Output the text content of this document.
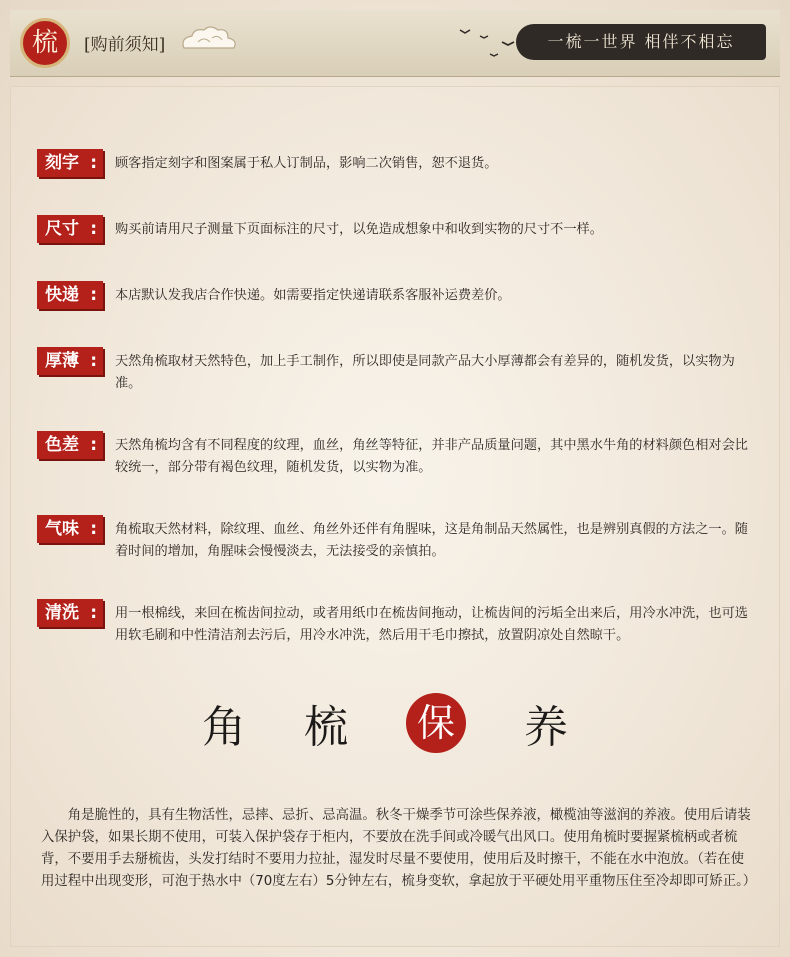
梳	[购前须知]	一梳一世界 相伴不相忘
刻字 : 顾客指定刻字和图案属于私人订制品，影响二次销售，恕不退货。
尺寸 : 购买前请用尺子测量下页面标注的尺寸，以免造成想象中和收到实物的尺寸不一样。
快递 : 本店默认发我店合作快递。如需要指定快递请联系客服补运费差价。
厚薄 : 天然角梳取材天然特色，加上手工制作，所以即使是同款产品大小厚薄都会有差异的，随机发货，以实物为准。
色差 : 天然角梳均含有不同程度的纹理，血丝，角丝等特征，并非产品质量问题，其中黑水牛角的材料颜色相对会比较统一，部分带有褐色纹理，随机发货，以实物为准。
气味 : 角梳取天然材料，除纹理、血丝、角丝外还伴有角腥味，这是角制品天然属性，也是辨别真假的方法之一。随着时间的增加，角腥味会慢慢淡去，无法接受的亲慎拍。
清洗 : 用一根棉线，来回在梳齿间拉动，或者用纸巾在梳齿间拖动，让梳齿间的污垢全出来后，用冷水冲洗，也可选用软毛刷和中性清洁剂去污后，用冷水冲洗，然后用干毛巾擦拭，放置阴凉处自然晾干。
角 梳 保 养
角是脆性的，具有生物活性，忌摔、忌折、忌高温。秋冬干燥季节可涂些保养液，橄榄油等滋润的养液。使用后请装入保护袋，如果长期不使用，可装入保护袋存于柜内，不要放在洗手间或冷暖气出风口。使用角梳时要握紧梳柄或者梳背，不要用手去掰梳齿，头发打结时不要用力拉扯，湿发时尽量不要使用，使用后及时擦干，不能在水中泡放。（若在使用过程中出现变形，可泡于热水中（70度左右）5分钟左右，梳身变软，拿起放于平硬处用平重物压住至冷却即可矫正。）
